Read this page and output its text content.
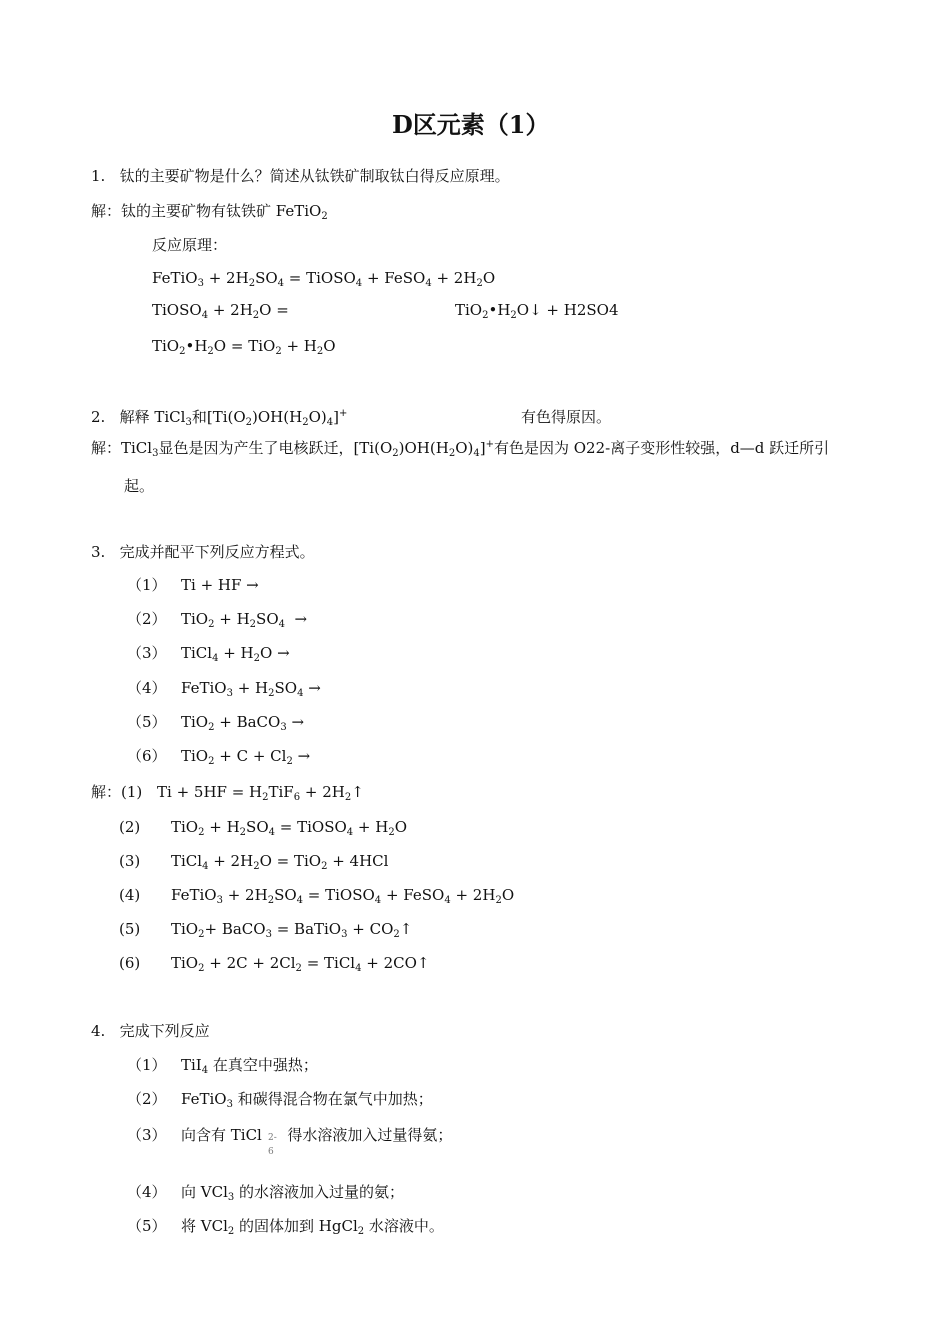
D区元素（1）
1.   钛的主要矿物是什么？简述从钛铁矿制取钛白得反应原理。
解：钛的主要矿物有钛铁矿 FeTiO$_2$
反应原理：
FeTiO$_3$ + $2H_2SO_4$ = TiOSO$_4$ + FeSO$_4$ + $2H_2O$
TiOSO$_4$ + $2H_2O$ =	$TiO_2•H_2O↓ + H2SO4$
$TiO_2•H_2O = TiO_2 + H_2O$
2.   解释 TiCl$_3$和$[Ti(O_2)OH(H_2O)_4]^+$	有色得原因。
解：TiCl$_3$显色是因为产生了电核跃迁，$[Ti(O_2)OH(H_2O)_4]^+$有色是因为 O22-离子变形性较强，d—d 跃迁所引
起。
3.   完成并配平下列反应方程式。
（1） Ti + HF →
（2） $TiO_2 + H_2SO_4$  →
（3） TiCl$_4$ + $H_2O$ →
（4） FeTiO$_3$ + $H_2SO_4$ →
（5） TiO$_2$ + BaCO$_3$ →
（6） $TiO_2 + C + Cl_2$ →
解：(1) $Ti + 5HF = H_2TiF_6$ + $2H_2↑$
(2) $TiO_2 + H_2SO_4$ = TiOSO$_4$ + $H_2O$
(3) TiCl$_4$ + $2H_2O = TiO_2 + 4HCl$
(4) FeTiO$_3$ + $2H_2SO_4$ = TiOSO$_4$ + FeSO$_4$ + $2H_2O$
(5) TiO$_2$+ BaCO$_3$ = BaTiO$_3$ + $CO_2↑$
(6) $TiO_2 + 2C + 2Cl_2$ = TiCl$_4$ + 2CO↑
4.   完成下列反应
（1） TiI$_4$ 在真空中强热；
（2） FeTiO$_3$ 和碳得混合物在氯气中加热；
（3） 向含有 TiCl  得水溶液加入过量得氨；
2-
6
（4） 向 VCl$_3$ 的水溶液加入过量的氨；
（5） 将 VCl$_2$ 的固体加到 HgCl$_2$ 水溶液中。
